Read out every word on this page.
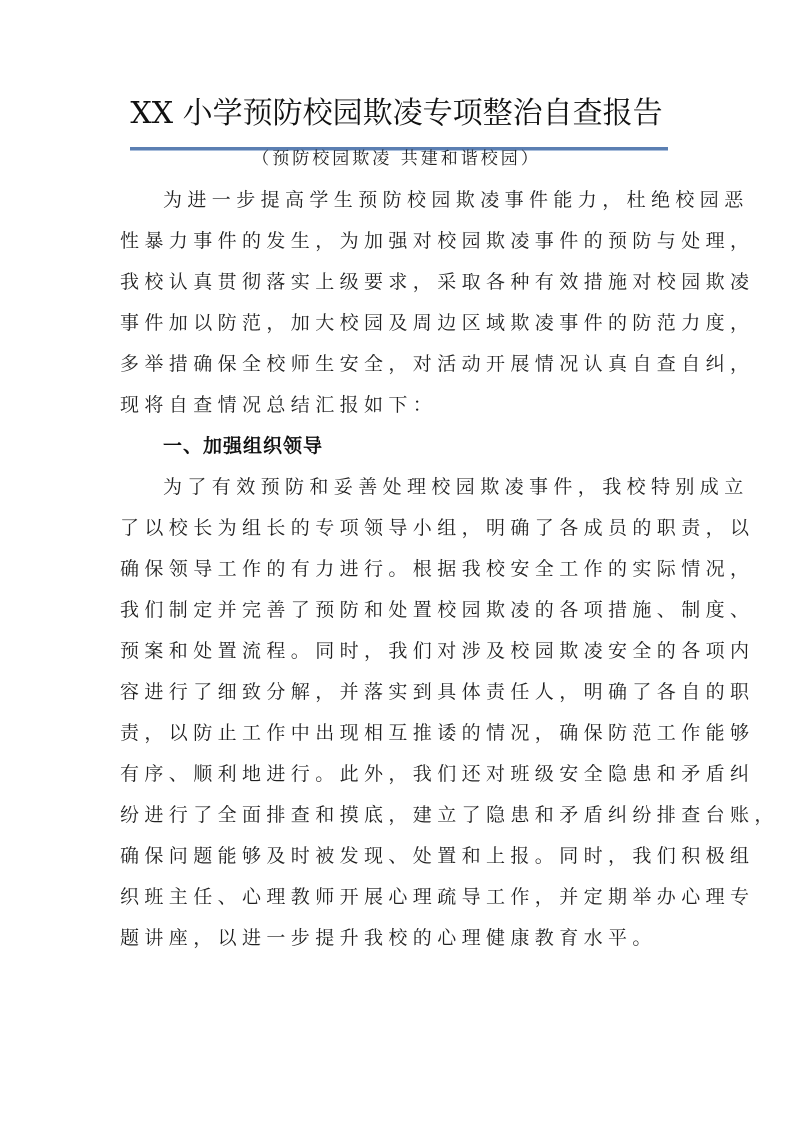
XX 小学预防校园欺凌专项整治自查报告
（预防校园欺凌 共建和谐校园）
为进一步提高学生预防校园欺凌事件能力，杜绝校园恶
性暴力事件的发生，为加强对校园欺凌事件的预防与处理，
我校认真贯彻落实上级要求，采取各种有效措施对校园欺凌
事件加以防范，加大校园及周边区域欺凌事件的防范力度，
多举措确保全校师生安全，对活动开展情况认真自查自纠，
现将自查情况总结汇报如下：
一、加强组织领导
为了有效预防和妥善处理校园欺凌事件，我校特别成立
了以校长为组长的专项领导小组，明确了各成员的职责，以
确保领导工作的有力进行。根据我校安全工作的实际情况，
我们制定并完善了预防和处置校园欺凌的各项措施、制度、
预案和处置流程。同时，我们对涉及校园欺凌安全的各项内
容进行了细致分解，并落实到具体责任人，明确了各自的职
责，以防止工作中出现相互推诿的情况，确保防范工作能够
有序、顺利地进行。此外，我们还对班级安全隐患和矛盾纠
纷进行了全面排查和摸底，建立了隐患和矛盾纠纷排查台账，
确保问题能够及时被发现、处置和上报。同时，我们积极组
织班主任、心理教师开展心理疏导工作，并定期举办心理专
题讲座，以进一步提升我校的心理健康教育水平。
